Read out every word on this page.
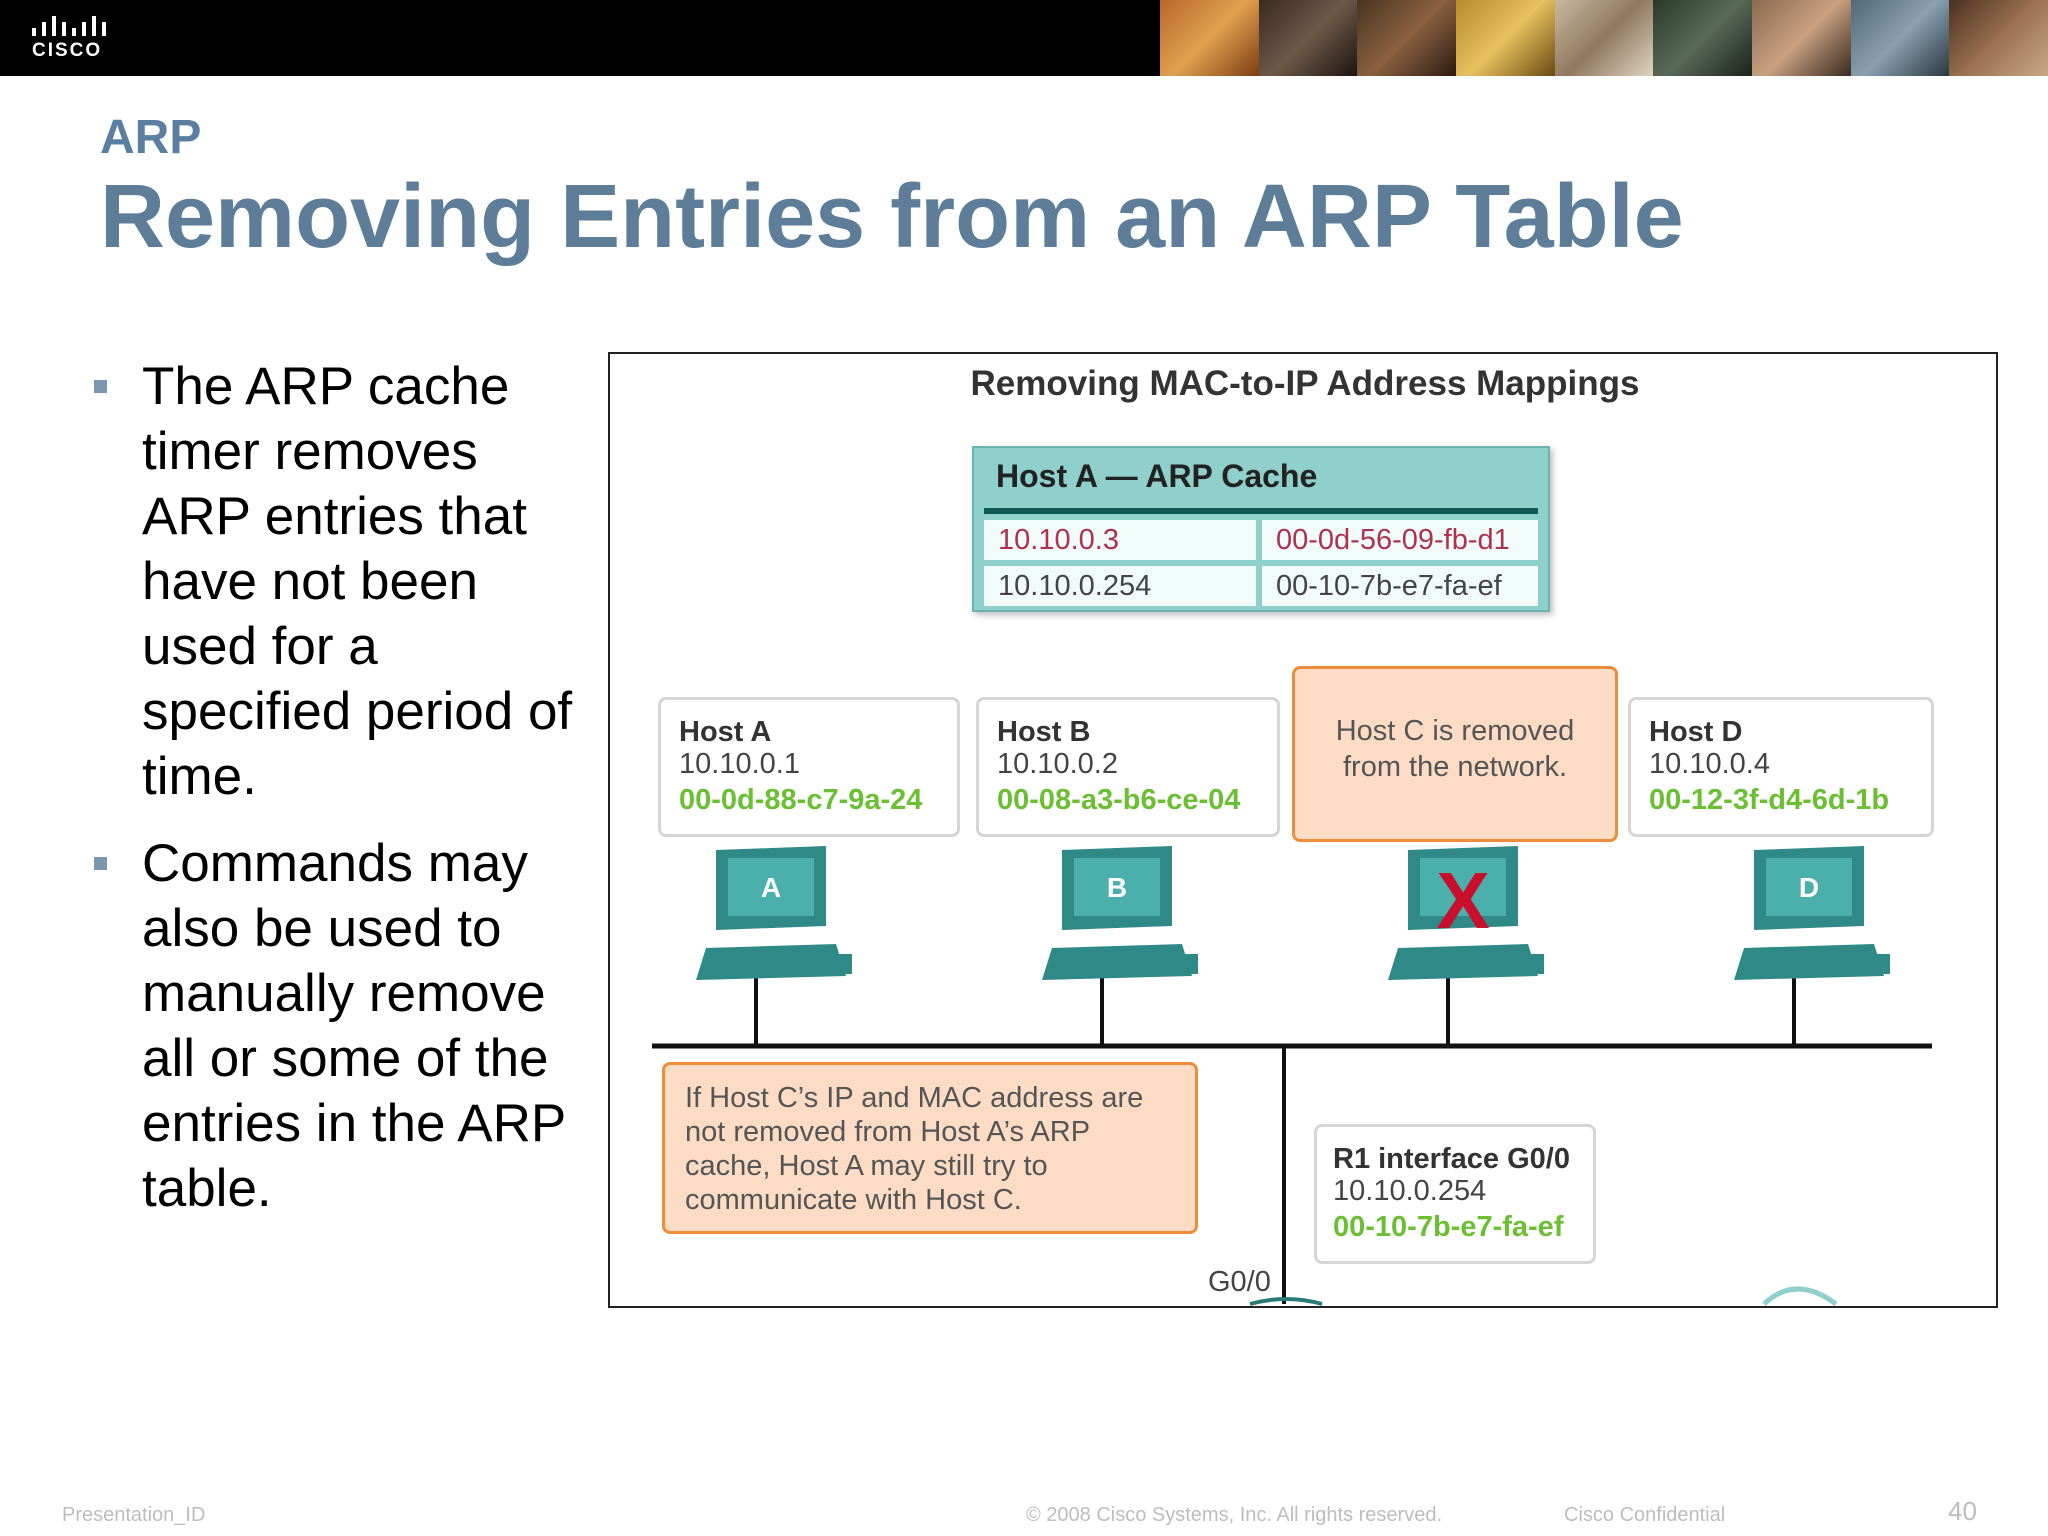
CISCO
ARP
Removing Entries from an ARP Table
The ARP cache timer removes ARP entries that have not been used for a specified period of time.
Commands may also be used to manually remove all or some of the entries in the ARP table.
Removing MAC-to-IP Address Mappings
A	B	X	D
Host A — ARP Cache
10.10.0.3	00-0d-56-09-fb-d1
10.10.0.254	00-10-7b-e7-fa-ef
Host A
10.10.0.1
00-0d-88-c7-9a-24
Host B
10.10.0.2
00-08-a3-b6-ce-04
Host C is removed
from the network.
Host D
10.10.0.4
00-12-3f-d4-6d-1b
If Host C’s IP and MAC address are
not removed from Host A’s ARP
cache, Host A may still try to
communicate with Host C.
R1 interface G0/0
10.10.0.254
00-10-7b-e7-fa-ef
G0/0
Presentation_ID	© 2008 Cisco Systems, Inc. All rights reserved.	Cisco Confidential	40
